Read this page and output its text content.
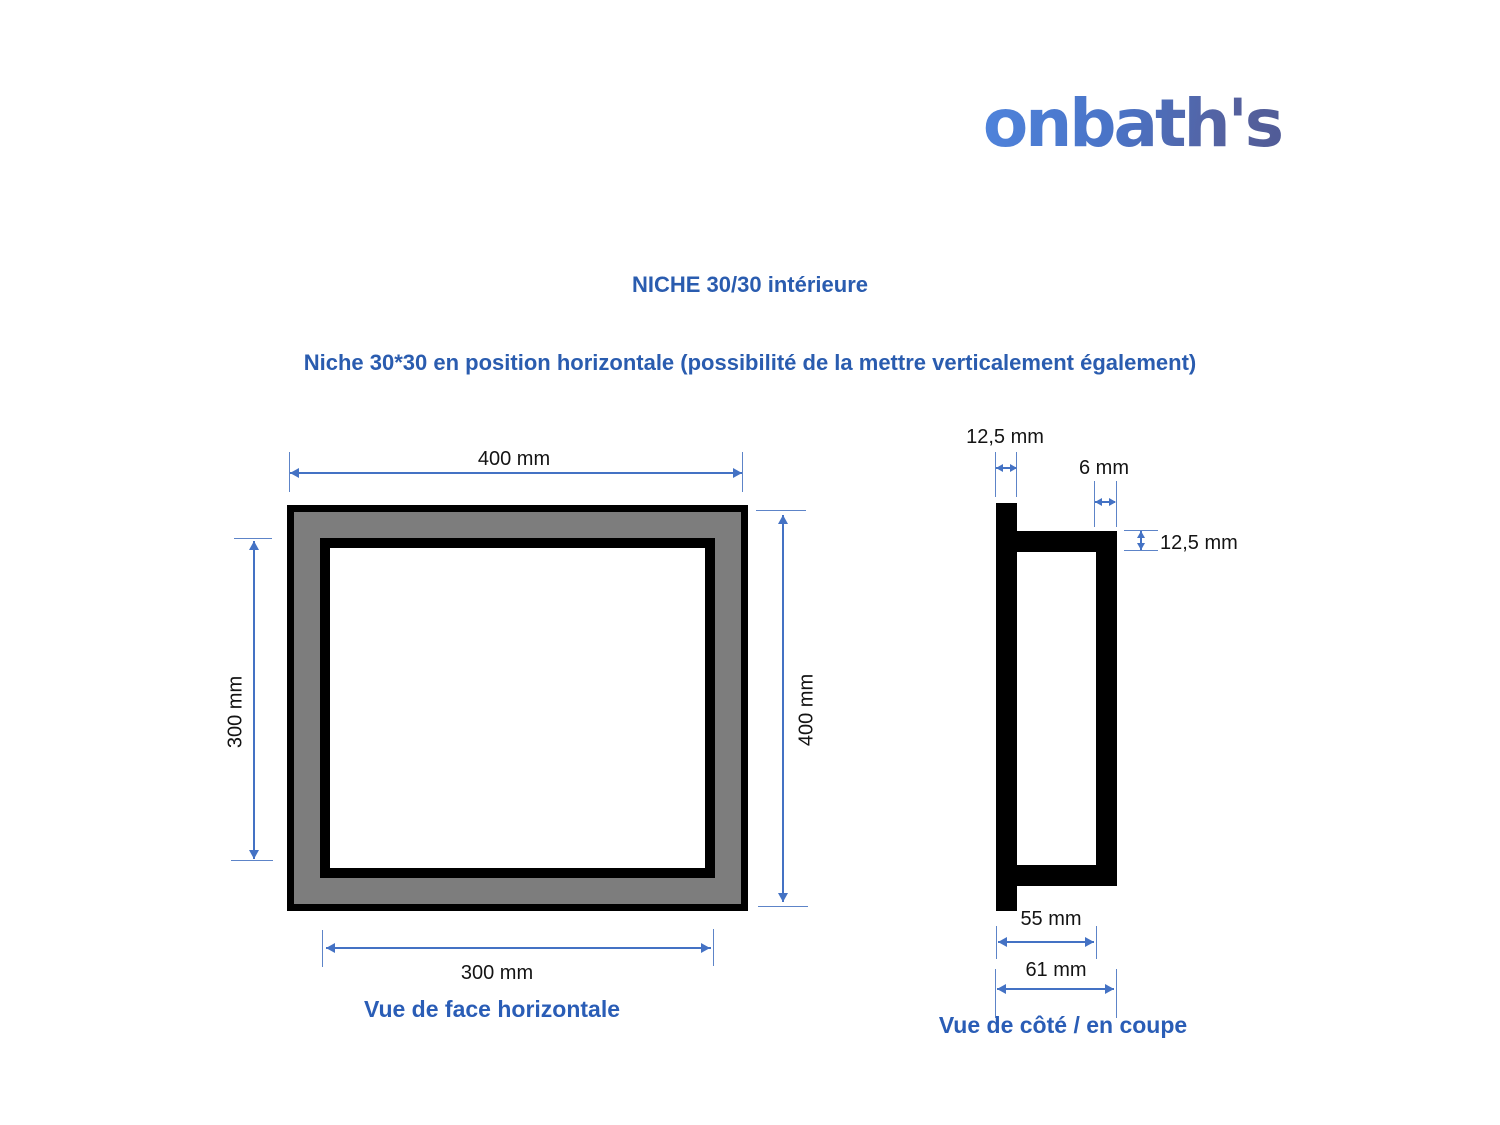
onbath's
NICHE 30/30 intérieure
Niche 30*30 en position horizontale (possibilité de la mettre verticalement également)
400 mm
300 mm	400 mm
300 mm
Vue de face horizontale
12,5 mm
6 mm
12,5 mm
55 mm
61 mm
Vue de côté / en coupe
